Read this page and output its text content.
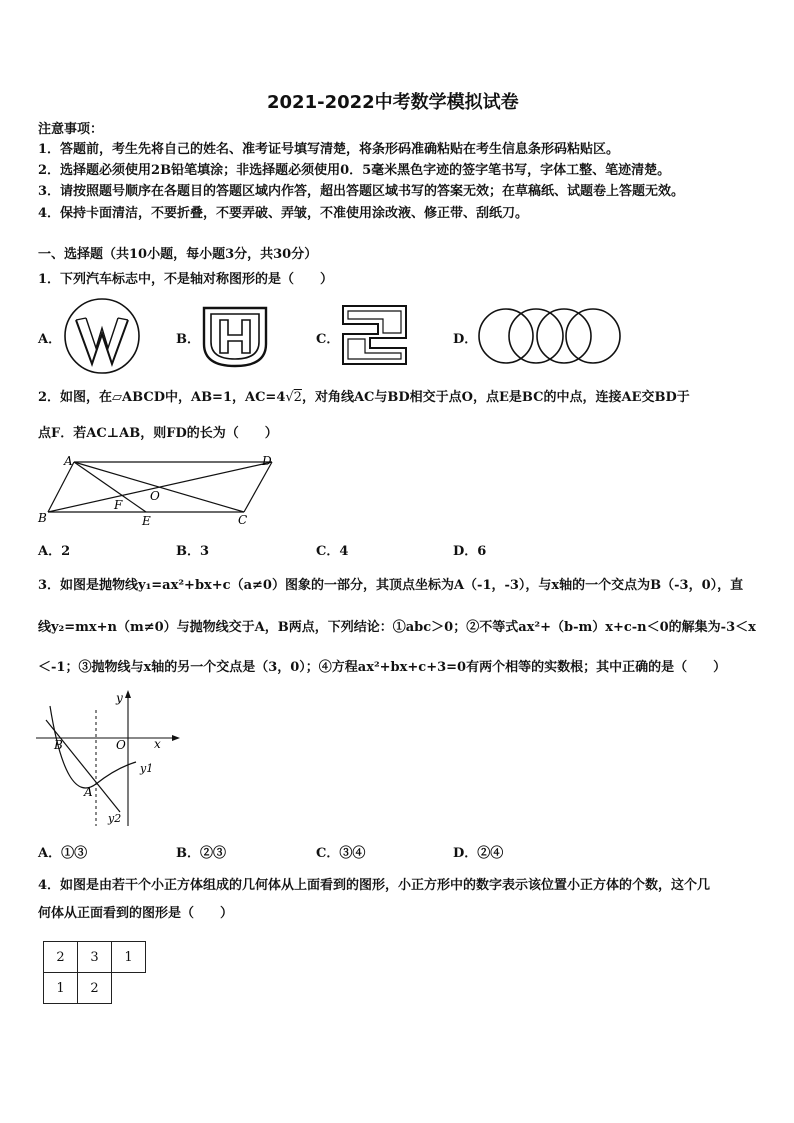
2021-2022中考数学模拟试卷
注意事项：
1．答题前，考生先将自己的姓名、准考证号填写清楚，将条形码准确粘贴在考生信息条形码粘贴区。
2．选择题必须使用2B铅笔填涂；非选择题必须使用0．5毫米黑色字迹的签字笔书写，字体工整、笔迹清楚。
3．请按照题号顺序在各题目的答题区域内作答，超出答题区域书写的答案无效；在草稿纸、试题卷上答题无效。
4．保持卡面清洁，不要折叠，不要弄破、弄皱，不准使用涂改液、修正带、刮纸刀。
一、选择题（共10小题，每小题3分，共30分）
1．下列汽车标志中，不是轴对称图形的是（　　）
A．	B．	C．	D．
2．如图，在▱ABCD中，AB=1，AC=4√2，对角线AC与BD相交于点O，点E是BC的中点，连接AE交BD于
点F．若AC⊥AB，则FD的长为（　　）
A	D
B	C
O
F
E
A．2	B．3	C．4	D．6
3．如图是抛物线y₁=ax²+bx+c（a≠0）图象的一部分，其顶点坐标为A（-1，-3），与x轴的一个交点为B（-3，0），直
线y₂=mx+n（m≠0）与抛物线交于A，B两点，下列结论：①abc＞0；②不等式ax²+（b-m）x+c-n＜0的解集为-3＜x
＜-1；③抛物线与x轴的另一个交点是（3，0）；④方程ax²+bx+c+3=0有两个相等的实数根；其中正确的是（　　）
x
y
B	O
A
y1
y2
A．①③	B．②③	C．③④	D．②④
4．如图是由若干个小正方体组成的几何体从上面看到的图形，小正方形中的数字表示该位置小正方体的个数，这个几
何体从正面看到的图形是（　　）
2	3	1
1	2	
